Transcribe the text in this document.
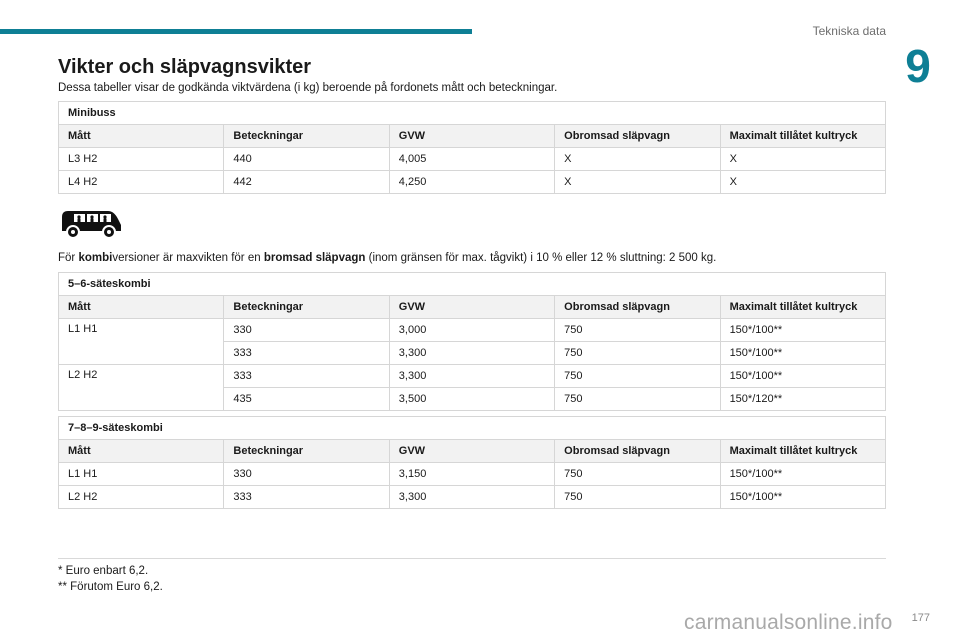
Tekniska data
9
Vikter och släpvagnsvikter
Dessa tabeller visar de godkända viktvärdena (i kg) beroende på fordonets mått och beteckningar.
Minibuss				
Mått	Beteckningar	GVW	Obromsad släpvagn	Maximalt tillåtet kultryck
L3 H2	440	4,005	X	X
L4 H2	442	4,250	X	X
För kombiversioner är maxvikten för en bromsad släpvagn (inom gränsen för max. tågvikt) i 10 % eller 12 % sluttning: 2 500 kg.
5–6-säteskombi				
Mått	Beteckningar	GVW	Obromsad släpvagn	Maximalt tillåtet kultryck
L1 H1	330	3,000	750	150*/100**
	333	3,300	750	150*/100**
L2 H2	333	3,300	750	150*/100**
	435	3,500	750	150*/120**
7–8–9-säteskombi				
Mått	Beteckningar	GVW	Obromsad släpvagn	Maximalt tillåtet kultryck
L1 H1	330	3,150	750	150*/100**
L2 H2	333	3,300	750	150*/100**
* Euro enbart 6,2.
** Förutom Euro 6,2.
177
carmanualsonline.info
